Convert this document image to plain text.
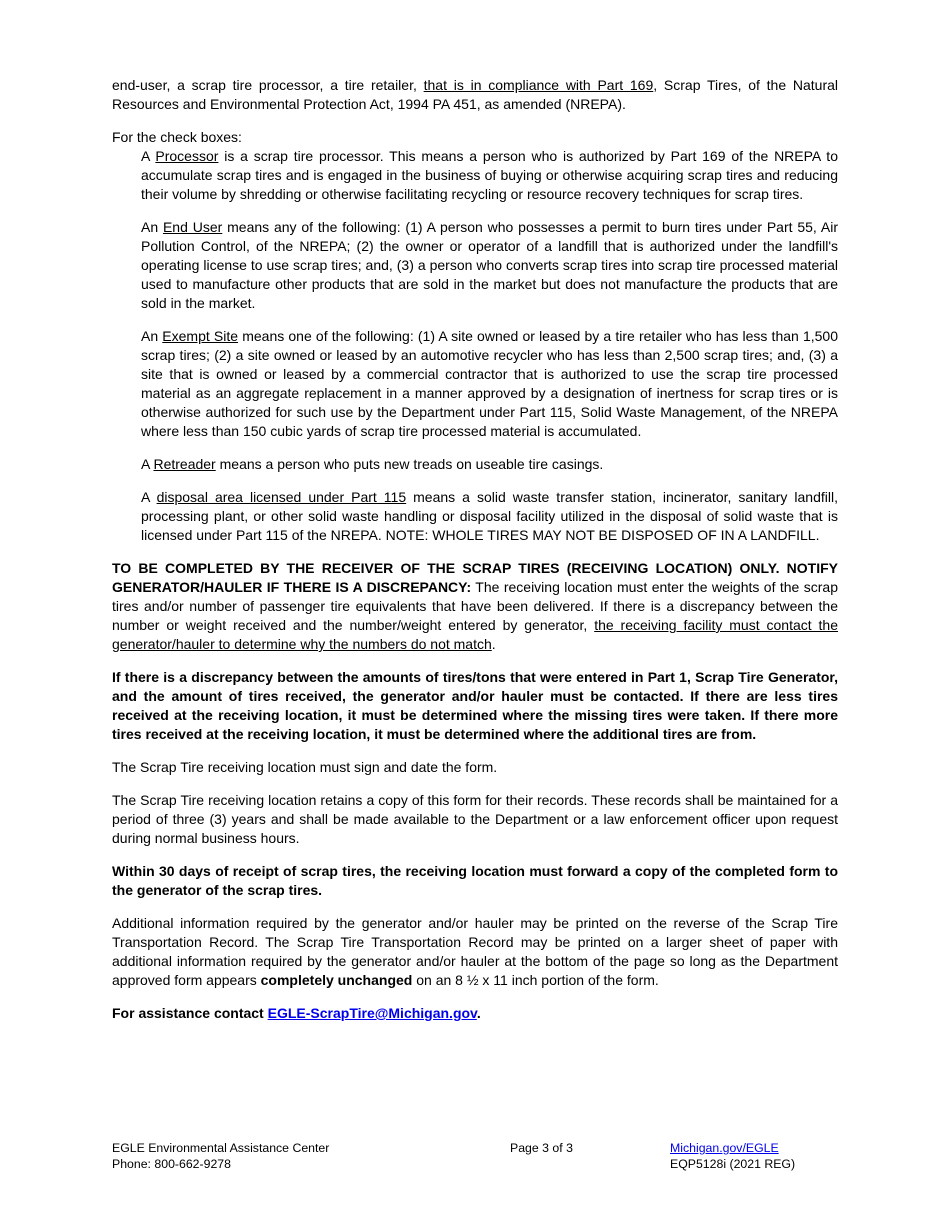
end-user, a scrap tire processor, a tire retailer, that is in compliance with Part 169, Scrap Tires, of the Natural Resources and Environmental Protection Act, 1994 PA 451, as amended (NREPA).

For the check boxes:

A Processor is a scrap tire processor. This means a person who is authorized by Part 169 of the NREPA to accumulate scrap tires and is engaged in the business of buying or otherwise acquiring scrap tires and reducing their volume by shredding or otherwise facilitating recycling or resource recovery techniques for scrap tires.

An End User means any of the following: (1) A person who possesses a permit to burn tires under Part 55, Air Pollution Control, of the NREPA; (2) the owner or operator of a landfill that is authorized under the landfill's operating license to use scrap tires; and, (3) a person who converts scrap tires into scrap tire processed material used to manufacture other products that are sold in the market but does not manufacture the products that are sold in the market.

An Exempt Site means one of the following: (1) A site owned or leased by a tire retailer who has less than 1,500 scrap tires; (2) a site owned or leased by an automotive recycler who has less than 2,500 scrap tires; and, (3) a site that is owned or leased by a commercial contractor that is authorized to use the scrap tire processed material as an aggregate replacement in a manner approved by a designation of inertness for scrap tires or is otherwise authorized for such use by the Department under Part 115, Solid Waste Management, of the NREPA where less than 150 cubic yards of scrap tire processed material is accumulated.

A Retreader means a person who puts new treads on useable tire casings.

A disposal area licensed under Part 115 means a solid waste transfer station, incinerator, sanitary landfill, processing plant, or other solid waste handling or disposal facility utilized in the disposal of solid waste that is licensed under Part 115 of the NREPA. NOTE: WHOLE TIRES MAY NOT BE DISPOSED OF IN A LANDFILL.

TO BE COMPLETED BY THE RECEIVER OF THE SCRAP TIRES (RECEIVING LOCATION) ONLY. NOTIFY GENERATOR/HAULER IF THERE IS A DISCREPANCY: The receiving location must enter the weights of the scrap tires and/or number of passenger tire equivalents that have been delivered. If there is a discrepancy between the number or weight received and the number/weight entered by generator, the receiving facility must contact the generator/hauler to determine why the numbers do not match.

If there is a discrepancy between the amounts of tires/tons that were entered in Part 1, Scrap Tire Generator, and the amount of tires received, the generator and/or hauler must be contacted. If there are less tires received at the receiving location, it must be determined where the missing tires were taken. If there more tires received at the receiving location, it must be determined where the additional tires are from.

The Scrap Tire receiving location must sign and date the form.

The Scrap Tire receiving location retains a copy of this form for their records. These records shall be maintained for a period of three (3) years and shall be made available to the Department or a law enforcement officer upon request during normal business hours.

Within 30 days of receipt of scrap tires, the receiving location must forward a copy of the completed form to the generator of the scrap tires.

Additional information required by the generator and/or hauler may be printed on the reverse of the Scrap Tire Transportation Record. The Scrap Tire Transportation Record may be printed on a larger sheet of paper with additional information required by the generator and/or hauler at the bottom of the page so long as the Department approved form appears completely unchanged on an 8 ½ x 11 inch portion of the form.

For assistance contact EGLE-ScrapTire@Michigan.gov.

EGLE Environmental Assistance Center
Phone: 800-662-9278
Page 3 of 3	Michigan.gov/EGLE
EQP5128i (2021 REG)
